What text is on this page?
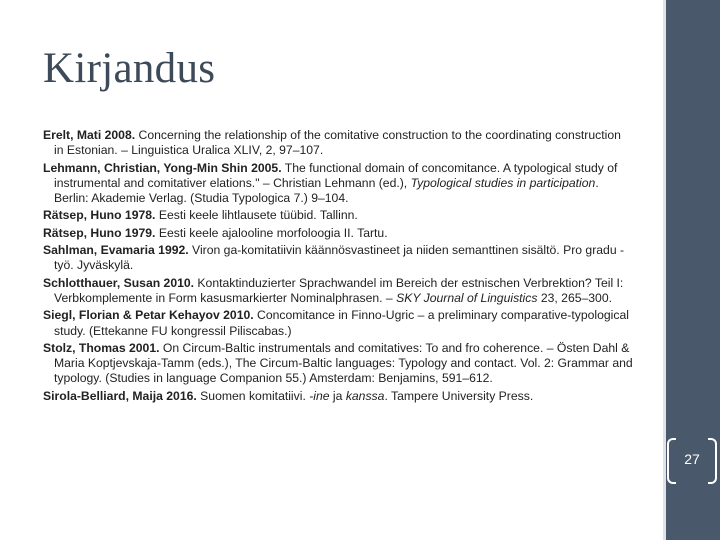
Kirjandus

Erelt, Mati 2008. Concerning the relationship of the comitative construction to the coordinating construction in Estonian. – Linguistica Uralica XLIV, 2, 97–107.

Lehmann, Christian, Yong-Min Shin 2005. The functional domain of concomitance. A typological study of instrumental and comitativer elations." – Christian Lehmann (ed.), Typological studies in participation. Berlin: Akademie Verlag. (Studia Typologica 7.) 9–104.

Rätsep, Huno 1978. Eesti keele lihtlausete tüübid. Tallinn.

Rätsep, Huno 1979. Eesti keele ajalooline morfoloogia II. Tartu.

Sahlman, Evamaria 1992. Viron ga-komitatiivin käännösvastineet ja niiden semanttinen sisältö. Pro gradu -työ. Jyväskylä.

Schlotthauer, Susan 2010. Kontaktinduzierter Sprachwandel im Bereich der estnischen Verbrektion? Teil I: Verbkomplemente in Form kasusmarkierter Nominalphrasen. – SKY Journal of Linguistics 23, 265–300.

Siegl, Florian & Petar Kehayov 2010. Concomitance in Finno-Ugric – a preliminary comparative-typological study. (Ettekanne FU kongressil Piliscabas.)

Stolz, Thomas 2001. On Circum-Baltic instrumentals and comitatives: To and fro coherence. – Östen Dahl & Maria Koptjevskaja-Tamm (eds.), The Circum-Baltic languages: Typology and contact. Vol. 2: Grammar and typology. (Studies in language Companion 55.) Amsterdam: Benjamins, 591–612.

Sirola-Belliard, Maija 2016. Suomen komitatiivi. -ine ja kanssa. Tampere University Press.

27
